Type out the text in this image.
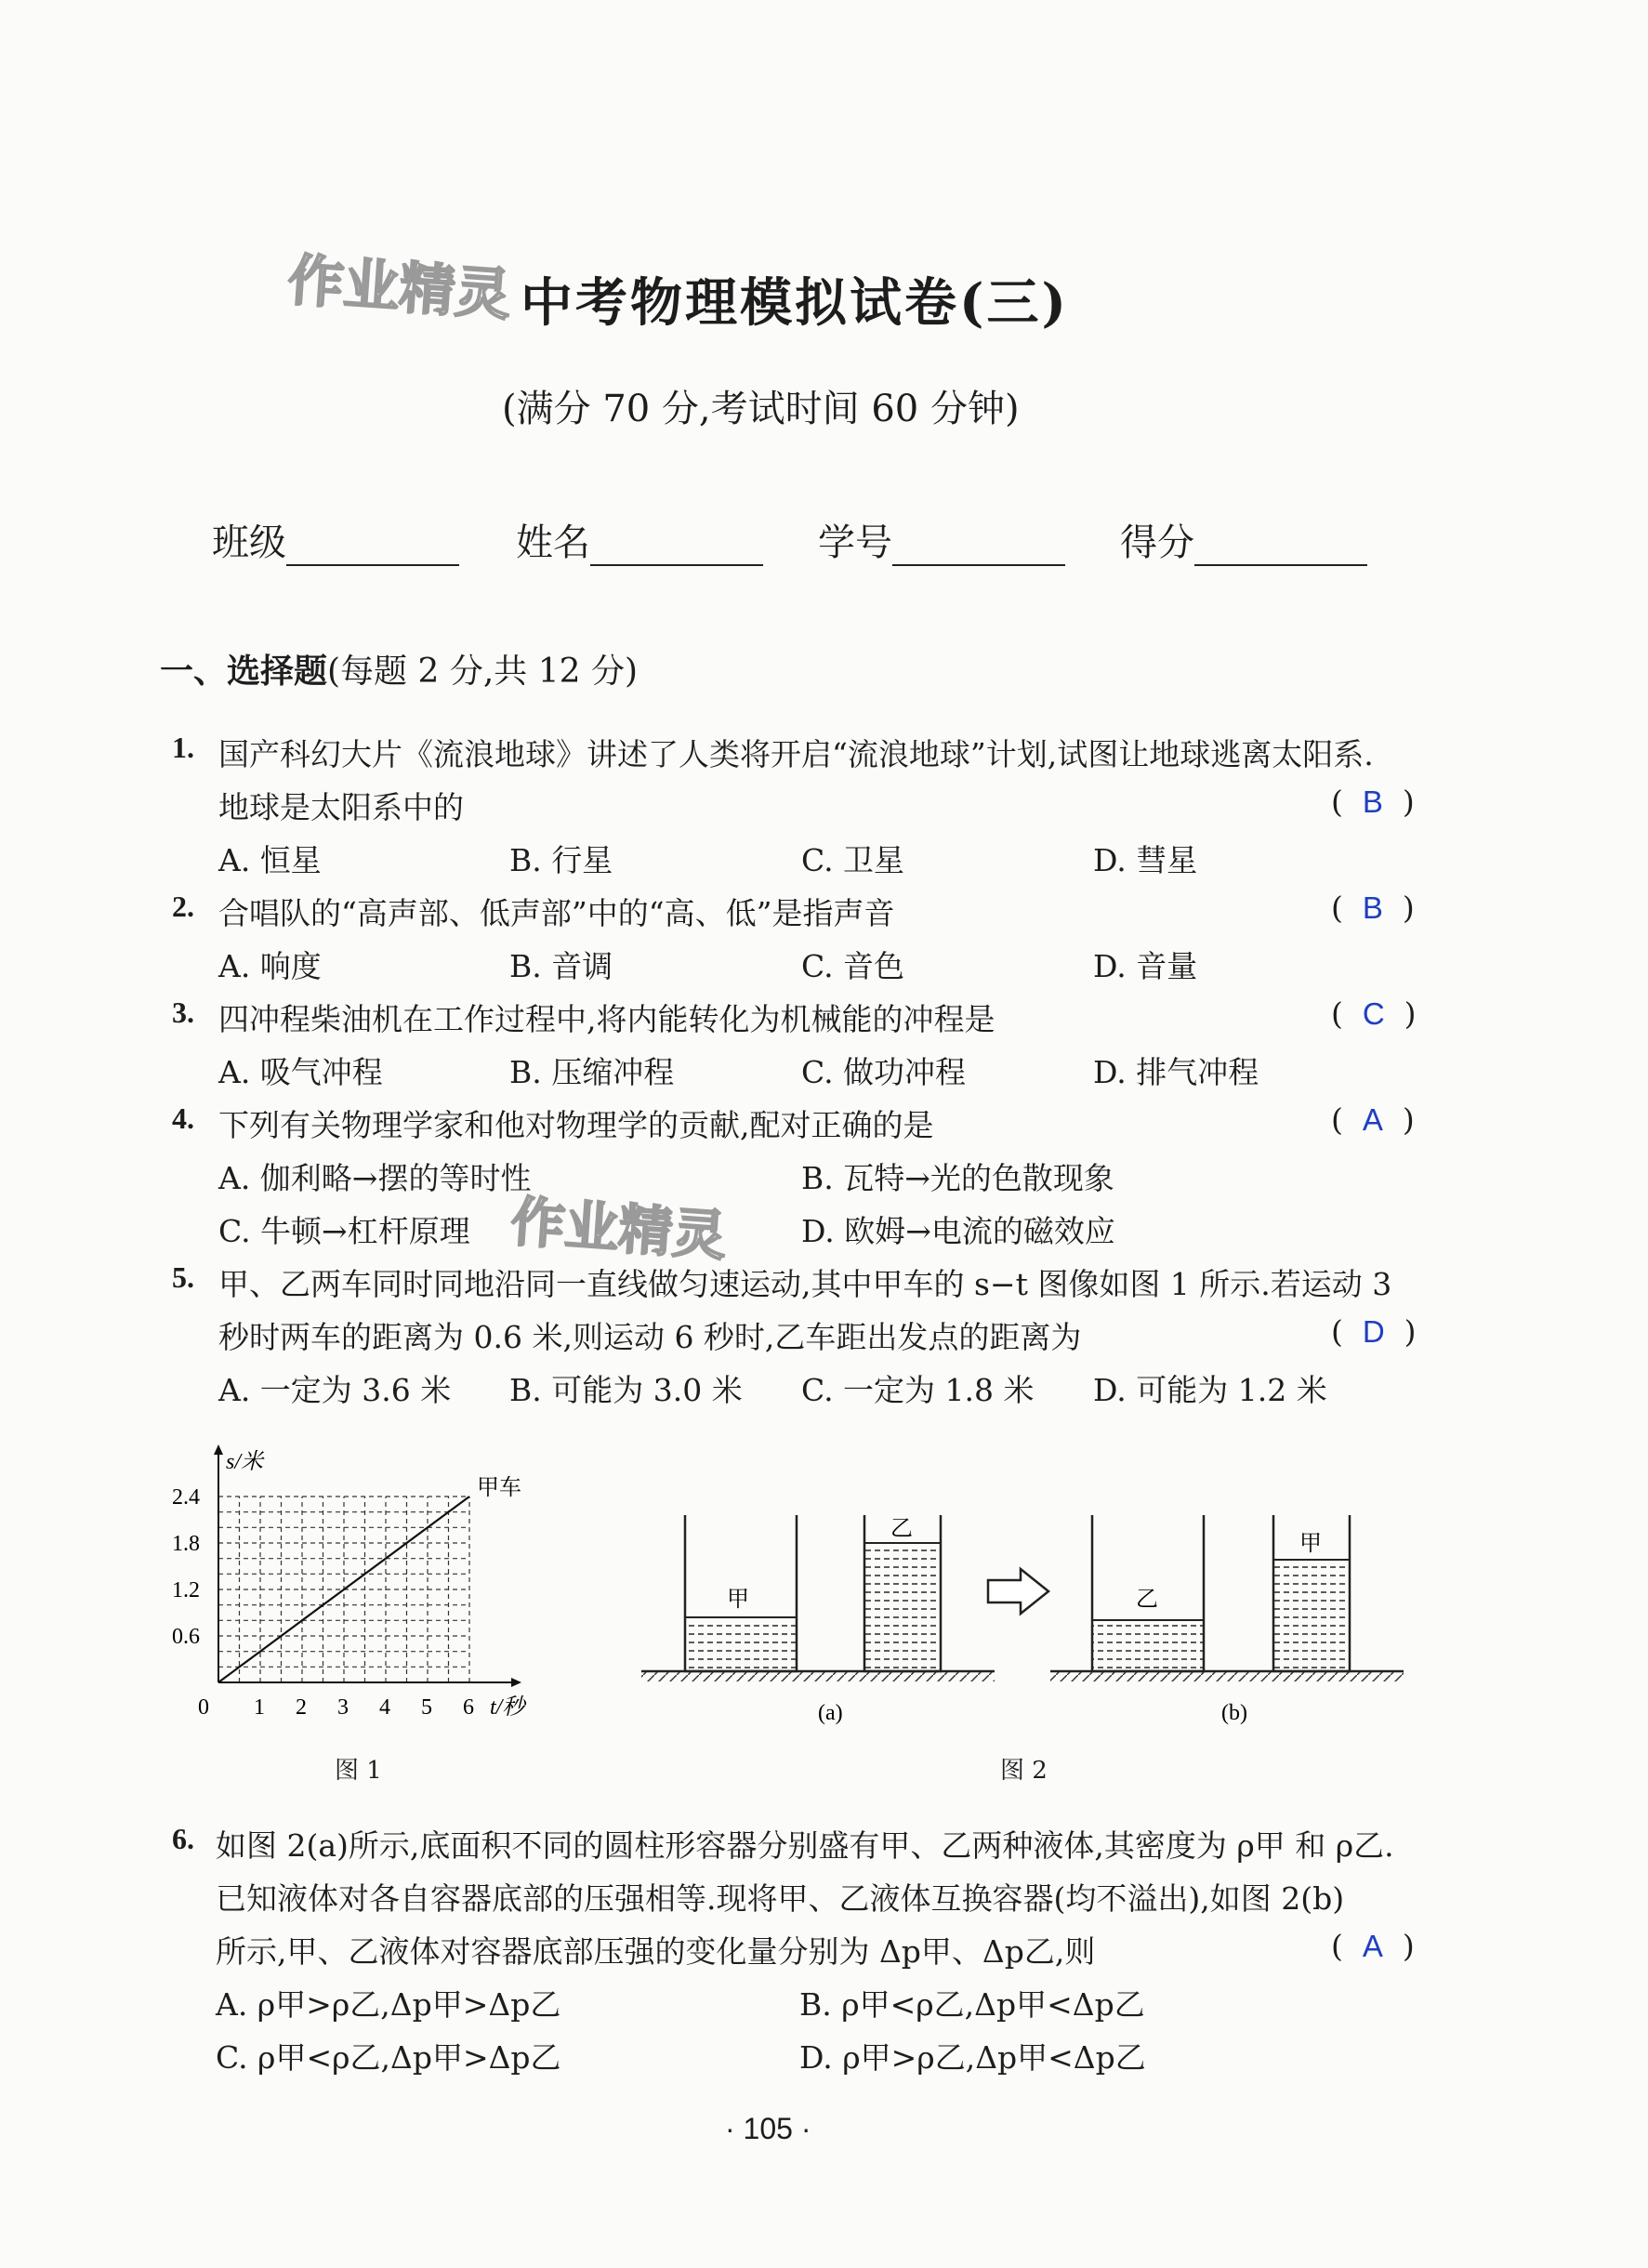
作业精灵
作业精灵
中考物理模拟试卷(三)
(满分 70 分,考试时间 60 分钟)
班级	姓名	学号	得分
一、选择题(每题 2 分,共 12 分)
1. 国产科幻大片《流浪地球》讲述了人类将开启“流浪地球”计划,试图让地球逃离太阳系.
地球是太阳系中的	(  B  )
A. 恒星	B. 行星	C. 卫星	D. 彗星
2. 合唱队的“高声部、低声部”中的“高、低”是指声音	(  B  )
A. 响度	B. 音调	C. 音色	D. 音量
3. 四冲程柴油机在工作过程中,将内能转化为机械能的冲程是	(  C  )
A. 吸气冲程	B. 压缩冲程	C. 做功冲程	D. 排气冲程
4. 下列有关物理学家和他对物理学的贡献,配对正确的是	(  A  )
A. 伽利略→摆的等时性	B. 瓦特→光的色散现象
C. 牛顿→杠杆原理	D. 欧姆→电流的磁效应
5. 甲、乙两车同时同地沿同一直线做匀速运动,其中甲车的 s−t 图像如图 1 所示.若运动 3
秒时两车的距离为 0.6 米,则运动 6 秒时,乙车距出发点的距离为	(  D  )
A. 一定为 3.6 米 B. 可能为 3.0 米 C. 一定为 1.8 米 D. 可能为 1.2 米
0 1 2 3 4 5 6
0.6
1.2
1.8
2.4
t/秒
s/米
甲车
图 1
甲
乙
(a)
乙
甲
(b)
图 2
6. 如图 2(a)所示,底面积不同的圆柱形容器分别盛有甲、乙两种液体,其密度为 ρ甲 和 ρ乙.
已知液体对各自容器底部的压强相等.现将甲、乙液体互换容器(均不溢出),如图 2(b)
所示,甲、乙液体对容器底部压强的变化量分别为 Δp甲、Δp乙,则	(  A  )
A. ρ甲>ρ乙,Δp甲>Δp乙	B. ρ甲<ρ乙,Δp甲<Δp乙
C. ρ甲<ρ乙,Δp甲>Δp乙	D. ρ甲>ρ乙,Δp甲<Δp乙
· 105 ·
